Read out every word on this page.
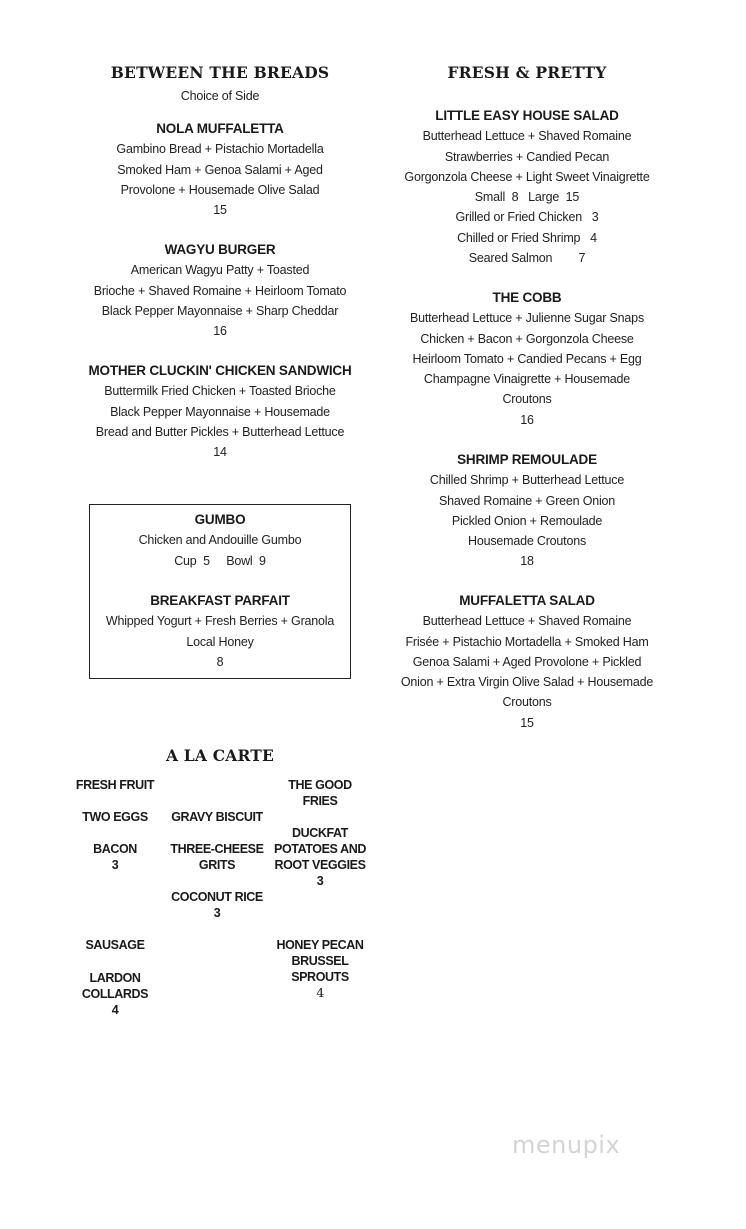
BETWEEN THE BREADS
Choice of Side
NOLA MUFFALETTA
Gambino Bread + Pistachio Mortadella
Smoked Ham + Genoa Salami + Aged
Provolone + Housemade Olive Salad
15
WAGYU BURGER
American Wagyu Patty + Toasted
Brioche + Shaved Romaine + Heirloom Tomato
Black Pepper Mayonnaise + Sharp Cheddar
16
MOTHER CLUCKIN' CHICKEN SANDWICH
Buttermilk Fried Chicken + Toasted Brioche
Black Pepper Mayonnaise + Housemade
Bread and Butter Pickles + Butterhead Lettuce
14
GUMBO
Chicken and Andouille Gumbo
Cup  5     Bowl  9
BREAKFAST PARFAIT
Whipped Yogurt + Fresh Berries + Granola
Local Honey
8
FRESH & PRETTY
LITTLE EASY HOUSE SALAD
Butterhead Lettuce + Shaved Romaine
Strawberries + Candied Pecan
Gorgonzola Cheese + Light Sweet Vinaigrette
Small  8   Large  15
Grilled or Fried Chicken   3
Chilled or Fried Shrimp   4
Seared Salmon        7
THE COBB
Butterhead Lettuce + Julienne Sugar Snaps
Chicken + Bacon + Gorgonzola Cheese
Heirloom Tomato + Candied Pecans + Egg
Champagne Vinaigrette + Housemade
Croutons
16
SHRIMP REMOULADE
Chilled Shrimp + Butterhead Lettuce
Shaved Romaine + Green Onion
Pickled Onion + Remoulade
Housemade Croutons
18
MUFFALETTA SALAD
Butterhead Lettuce + Shaved Romaine
Frisée + Pistachio Mortadella + Smoked Ham
Genoa Salami + Aged Provolone + Pickled
Onion + Extra Virgin Olive Salad + Housemade
Croutons
15
A LA CARTE
FRESH FRUIT
TWO EGGS
BACON
3
SAUSAGE
LARDON
COLLARDS
4
GRAVY BISCUIT
THREE-CHEESE
GRITS
COCONUT RICE
3
THE GOOD
FRIES
DUCKFAT
POTATOES AND
ROOT VEGGIES
3
HONEY PECAN
BRUSSEL
SPROUTS
4
menupix
